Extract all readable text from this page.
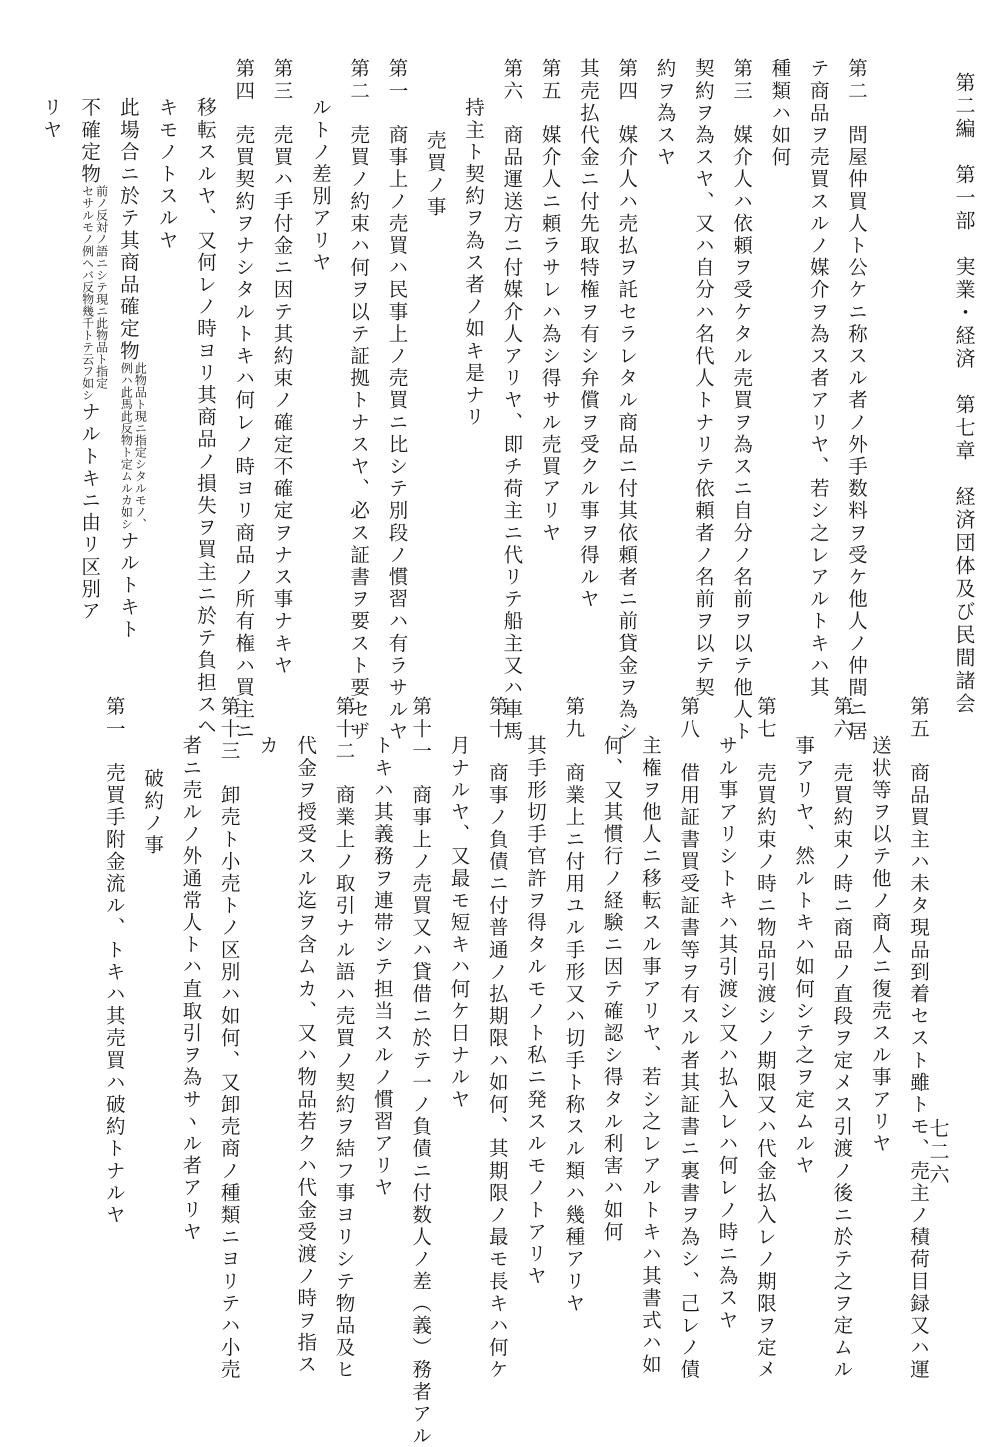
第二編　第一部　実業・経済　第七章　経済団体及び民間諸会
七二六
第二　問屋仲買人ト公ケニ称スル者ノ外手数料ヲ受ケ他人ノ仲間ニ居
テ商品ヲ売買スルノ媒介ヲ為ス者アリヤ、若シ之レアルトキハ其
種類ハ如何
第三　媒介人ハ依頼ヲ受ケタル売買ヲ為スニ自分ノ名前ヲ以テ他人ト
契約ヲ為スヤ、又ハ自分ハ名代人トナリテ依頼者ノ名前ヲ以テ契
約ヲ為スヤ
第四　媒介人ハ売払ヲ託セラレタル商品ニ付其依頼者ニ前貸金ヲ為シ
其売払代金ニ付先取特権ヲ有シ弁償ヲ受クル事ヲ得ルヤ
第五　媒介人ニ頼ラサレハ為シ得サル売買アリヤ
第六　商品運送方ニ付媒介人アリヤ、即チ荷主ニ代リテ船主又ハ車馬
持主ト契約ヲ為ス者ノ如キ是ナリ
売買ノ事
第一　商事上ノ売買ハ民事上ノ売買ニ比シテ別段ノ慣習ハ有ラサルヤ
第二　売買ノ約束ハ何ヲ以テ証拠トナスヤ、必ス証書ヲ要スト要セザ
ルトノ差別アリヤ
第三　売買ハ手付金ニ因テ其約束ノ確定不確定ヲナス事ナキヤ
第四　売買契約ヲナシタルトキハ何レノ時ヨリ商品ノ所有権ハ買主ニ
移転スルヤ、又何レノ時ヨリ其商品ノ損失ヲ買主ニ於テ負担スヘ
キモノトスルヤ
此場合ニ於テ其商品確定物
此物品ト現ニ指定シタルモノ、
例ハ此馬此反物ト定ムルカ如シ
ナルトキト
不確定物
前ノ反対ノ語ニシテ現ニ此物品ト指定
セサルモノ例ヘバ反物幾千トテ云フ如シ
ナルトキニ由リ区別ア
リヤ
第五　商品買主ハ未タ現品到着セスト雖トモ、売主ノ積荷目録又ハ運
送状等ヲ以テ他ノ商人ニ復売スル事アリヤ
第六　売買約束ノ時ニ商品ノ直段ヲ定メス引渡ノ後ニ於テ之ヲ定ムル
事アリヤ、然ルトキハ如何シテ之ヲ定ムルヤ
第七　売買約束ノ時ニ物品引渡シノ期限又ハ代金払入レノ期限ヲ定メ
サル事アリシトキハ其引渡シ又ハ払入レハ何レノ時ニ為スヤ
第八　借用証書買受証書等ヲ有スル者其証書ニ裏書ヲ為シ、己レノ債
主権ヲ他人ニ移転スル事アリヤ、若シ之レアルトキハ其書式ハ如
何、又其慣行ノ経験ニ因テ確認シ得タル利害ハ如何
第九　商業上ニ付用ユル手形又ハ切手ト称スル類ハ幾種アリヤ
其手形切手官許ヲ得タルモノト私ニ発スルモノトアリヤ
第十　商事ノ負債ニ付普通ノ払期限ハ如何、其期限ノ最モ長キハ何ケ
月ナルヤ、又最モ短キハ何ケ日ナルヤ
第十一　商事上ノ売買又ハ貸借ニ於テ一ノ負債ニ付数人ノ差（義）務者アル
トキハ其義務ヲ連帯シテ担当スルノ慣習アリヤ
第十二　商業上ノ取引ナル語ハ売買ノ契約ヲ結フ事ヨリシテ物品及ヒ
代金ヲ授受スル迄ヲ含ムカ、又ハ物品若クハ代金受渡ノ時ヲ指ス
カ
第十三　卸売ト小売トノ区別ハ如何、又卸売商ノ種類ニヨリテハ小売
者ニ売ルノ外通常人トハ直取引ヲ為サヽル者アリヤ
破約ノ事
第一　売買手附金流ル、トキハ其売買ハ破約トナルヤ
